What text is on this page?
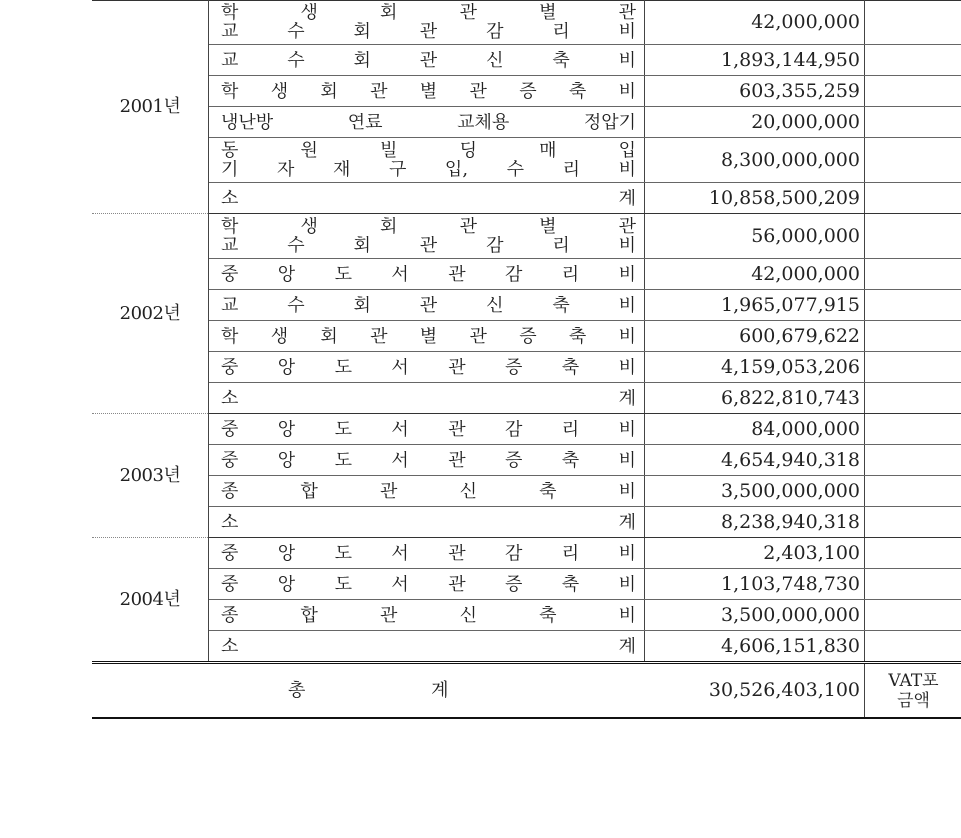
2001년	학 생 회 관 별 관
교 수 회 관 감 리 비	42,000,000	

	교 수 회 관 신 축 비	1,893,144,950	

	학 생 회 관 별 관 증 축 비	603,355,259	

	냉난방 연료 교체용 정압기	20,000,000	

	동 원 빌 딩 매 입
기 자 재 구 입, 수 리 비	8,300,000,000	

	소 계	10,858,500,209	
2002년	학 생 회 관 별 관
교 수 회 관 감 리 비	56,000,000	

	중 앙 도 서 관 감 리 비	42,000,000	

	교 수 회 관 신 축 비	1,965,077,915	

	학 생 회 관 별 관 증 축 비	600,679,622	

	중 앙 도 서 관 증 축 비	4,159,053,206	

	소 계	6,822,810,743	
2003년	중 앙 도 서 관 감 리 비	84,000,000	

	중 앙 도 서 관 증 축 비	4,654,940,318	

	종 합 관 신 축 비	3,500,000,000	

	소 계	8,238,940,318	
2004년	중 앙 도 서 관 감 리 비	2,403,100	

	중 앙 도 서 관 증 축 비	1,103,748,730	

	종 합 관 신 축 비	3,500,000,000	

	소 계	4,606,151,830	
총 계		30,526,403,100	VAT포
금액
